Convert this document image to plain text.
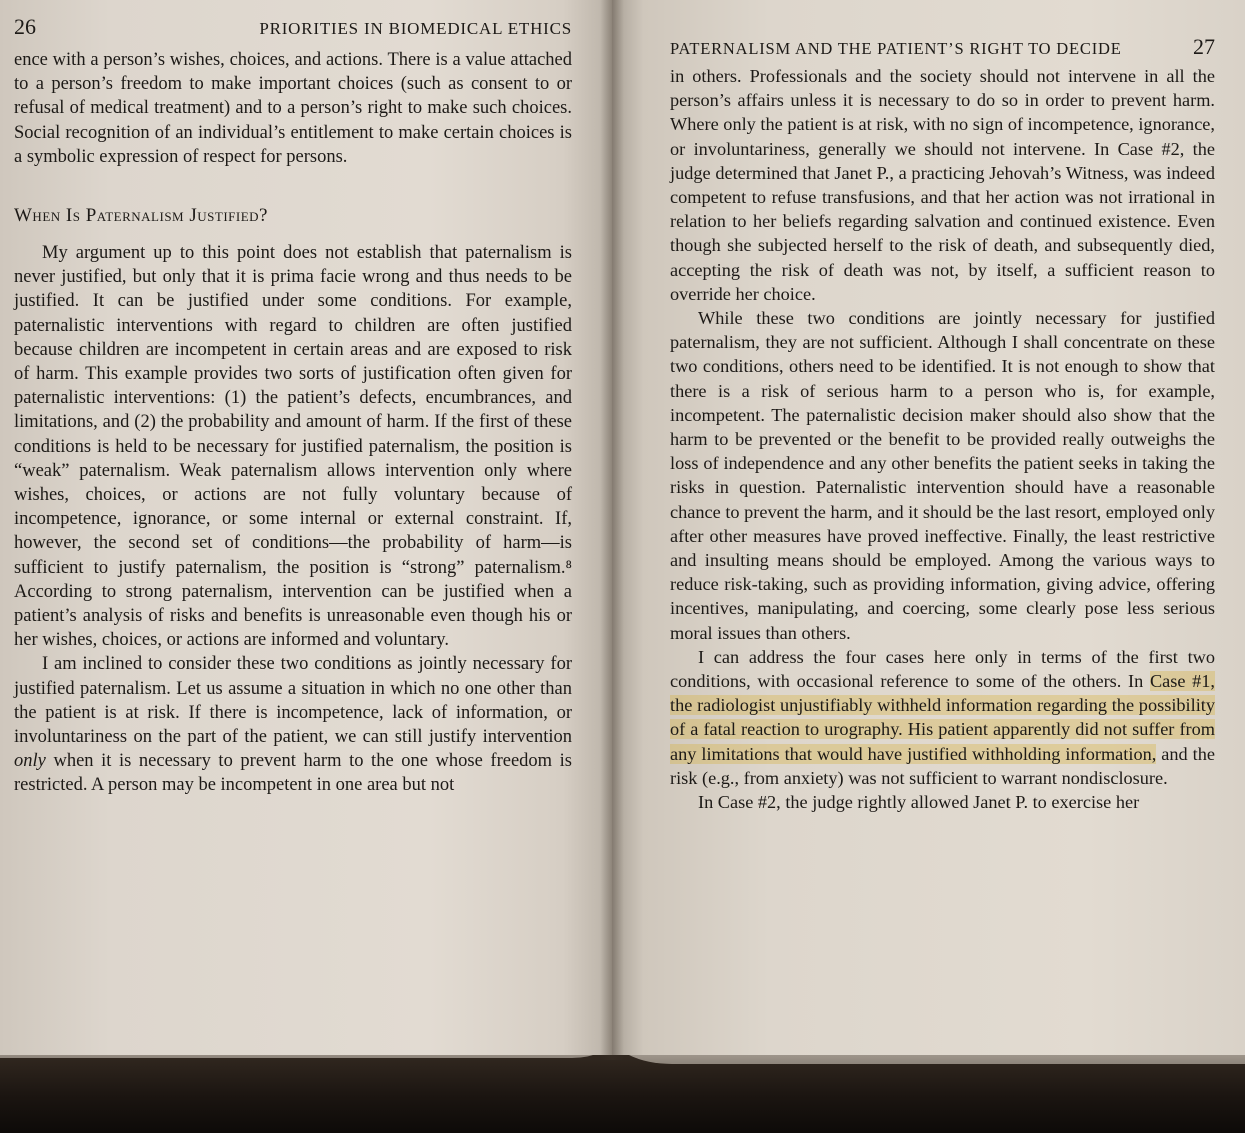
26	PRIORITIES IN BIOMEDICAL ETHICS

ence with a person’s wishes, choices, and actions. There is a value attached to a person’s freedom to make important choices (such as consent to or refusal of medical treatment) and to a person’s right to make such choices. Social recognition of an individual’s entitlement to make certain choices is a symbolic expression of respect for persons.

When Is Paternalism Justified?

My argument up to this point does not establish that paternalism is never justified, but only that it is prima facie wrong and thus needs to be justified. It can be justified under some conditions. For example, paternalistic interventions with regard to children are often justified because children are incompetent in certain areas and are exposed to risk of harm. This example provides two sorts of justification often given for paternalistic interventions: (1) the patient’s defects, encumbrances, and limitations, and (2) the probability and amount of harm. If the first of these conditions is held to be necessary for justified paternalism, the position is “weak” paternalism. Weak paternalism allows intervention only where wishes, choices, or actions are not fully voluntary because of incompetence, ignorance, or some internal or external constraint. If, however, the second set of conditions—the probability of harm—is sufficient to justify paternalism, the position is “strong” paternalism.⁸ According to strong paternalism, intervention can be justified when a patient’s analysis of risks and benefits is unreasonable even though his or her wishes, choices, or actions are informed and voluntary.

I am inclined to consider these two conditions as jointly necessary for justified paternalism. Let us assume a situation in which no one other than the patient is at risk. If there is incompetence, lack of information, or involuntariness on the part of the patient, we can still justify intervention only when it is necessary to prevent harm to the one whose freedom is restricted. A person may be incompetent in one area but not

PATERNALISM AND THE PATIENT’S RIGHT TO DECIDE	27

in others. Professionals and the society should not intervene in all the person’s affairs unless it is necessary to do so in order to prevent harm. Where only the patient is at risk, with no sign of incompetence, ignorance, or involuntariness, generally we should not intervene. In Case #2, the judge determined that Janet P., a practicing Jehovah’s Witness, was indeed competent to refuse transfusions, and that her action was not irrational in relation to her beliefs regarding salvation and continued existence. Even though she subjected herself to the risk of death, and subsequently died, accepting the risk of death was not, by itself, a sufficient reason to override her choice.

While these two conditions are jointly necessary for justified paternalism, they are not sufficient. Although I shall concentrate on these two conditions, others need to be identified. It is not enough to show that there is a risk of serious harm to a person who is, for example, incompetent. The paternalistic decision maker should also show that the harm to be prevented or the benefit to be provided really outweighs the loss of independence and any other benefits the patient seeks in taking the risks in question. Paternalistic intervention should have a reasonable chance to prevent the harm, and it should be the last resort, employed only after other measures have proved ineffective. Finally, the least restrictive and insulting means should be employed. Among the various ways to reduce risk-taking, such as providing information, giving advice, offering incentives, manipulating, and coercing, some clearly pose less serious moral issues than others.

I can address the four cases here only in terms of the first two conditions, with occasional reference to some of the others. In Case #1, the radiologist unjustifiably withheld information regarding the possibility of a fatal reaction to urography. His patient apparently did not suffer from any limitations that would have justified withholding information, and the risk (e.g., from anxiety) was not sufficient to warrant nondisclosure.

In Case #2, the judge rightly allowed Janet P. to exercise her
